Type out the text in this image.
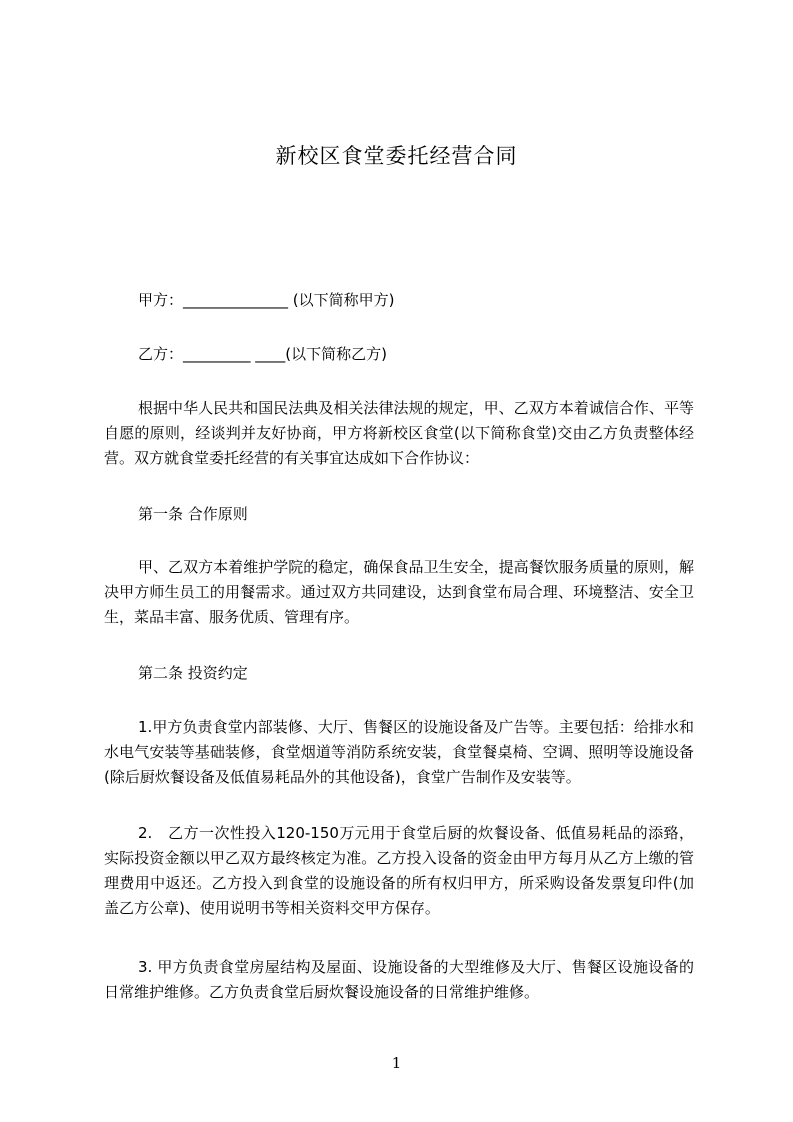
新校区食堂委托经营合同
甲方：______________ (以下简称甲方)
乙方：_________ ____(以下简称乙方)
根据中华人民共和国民法典及相关法律法规的规定，甲、乙双方本着诚信合作、平等自愿的原则，经谈判并友好协商，甲方将新校区食堂(以下简称食堂)交由乙方负责整体经营。双方就食堂委托经营的有关事宜达成如下合作协议：
第一条 合作原则
甲、乙双方本着维护学院的稳定，确保食品卫生安全，提高餐饮服务质量的原则，解决甲方师生员工的用餐需求。通过双方共同建设，达到食堂布局合理、环境整洁、安全卫生，菜品丰富、服务优质、管理有序。
第二条 投资约定
1.甲方负责食堂内部装修、大厅、售餐区的设施设备及广告等。主要包括：给排水和水电气安装等基础装修，食堂烟道等消防系统安装，食堂餐桌椅、空调、照明等设施设备(除后厨炊餐设备及低值易耗品外的其他设备)，食堂广告制作及安装等。
2.　乙方一次性投入120-150万元用于食堂后厨的炊餐设备、低值易耗品的添臵，实际投资金额以甲乙双方最终核定为准。乙方投入设备的资金由甲方每月从乙方上缴的管理费用中返还。乙方投入到食堂的设施设备的所有权归甲方，所采购设备发票复印件(加盖乙方公章)、使用说明书等相关资料交甲方保存。
3. 甲方负责食堂房屋结构及屋面、设施设备的大型维修及大厅、售餐区设施设备的日常维护维修。乙方负责食堂后厨炊餐设施设备的日常维护维修。
1
